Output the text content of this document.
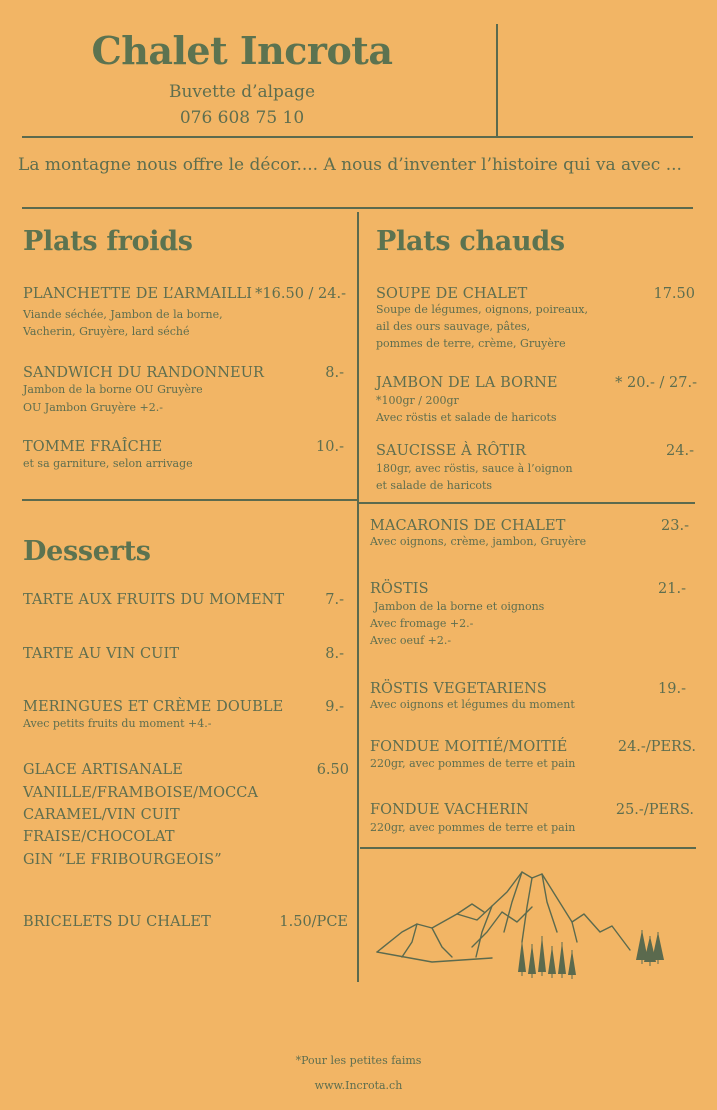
Chalet Incrota
Buvette d’alpage
076 608 75 10
La montagne nous offre le décor.... A nous d’inventer l’histoire qui va avec ...
Plats froids
PLANCHETTE DE L’ARMAILLI *16.50 / 24.-
Viande séchée, Jambon de la borne,
Vacherin, Gruyère, lard séché
SANDWICH DU RANDONNEUR	8.-
Jambon de la borne OU Gruyère
OU Jambon Gruyère +2.-
TOMME FRAÎCHE	10.-
et sa garniture, selon arrivage
Desserts
TARTE AUX FRUITS DU MOMENT	7.-
TARTE AU VIN CUIT	8.-
MERINGUES ET CRÈME DOUBLE	9.-
Avec petits fruits du moment +4.-
GLACE ARTISANALE	6.50
VANILLE/FRAMBOISE/MOCCA
CARAMEL/VIN CUIT
FRAISE/CHOCOLAT
GIN “LE FRIBOURGEOIS”
BRICELETS DU CHALET	1.50/PCE
Plats chauds
SOUPE DE CHALET	17.50
Soupe de légumes, oignons, poireaux,
ail des ours sauvage, pâtes,
pommes de terre, crème, Gruyère
JAMBON DE LA BORNE	* 20.- / 27.-
*100gr / 200gr
Avec röstis et salade de haricots
SAUCISSE À RÔTIR	24.-
180gr, avec röstis, sauce à l’oignon
et salade de haricots
MACARONIS DE CHALET	23.-
Avec oignons, crème, jambon, Gruyère
RÖSTIS	21.-
Jambon de la borne et oignons
Avec fromage +2.-
Avec oeuf +2.-
RÖSTIS VEGETARIENS	19.-
Avec oignons et légumes du moment
FONDUE MOITIÉ/MOITIÉ	24.-/PERS.
220gr, avec pommes de terre et pain
FONDUE VACHERIN	25.-/PERS.
220gr, avec pommes de terre et pain
*Pour les petites faims
www.Incrota.ch
